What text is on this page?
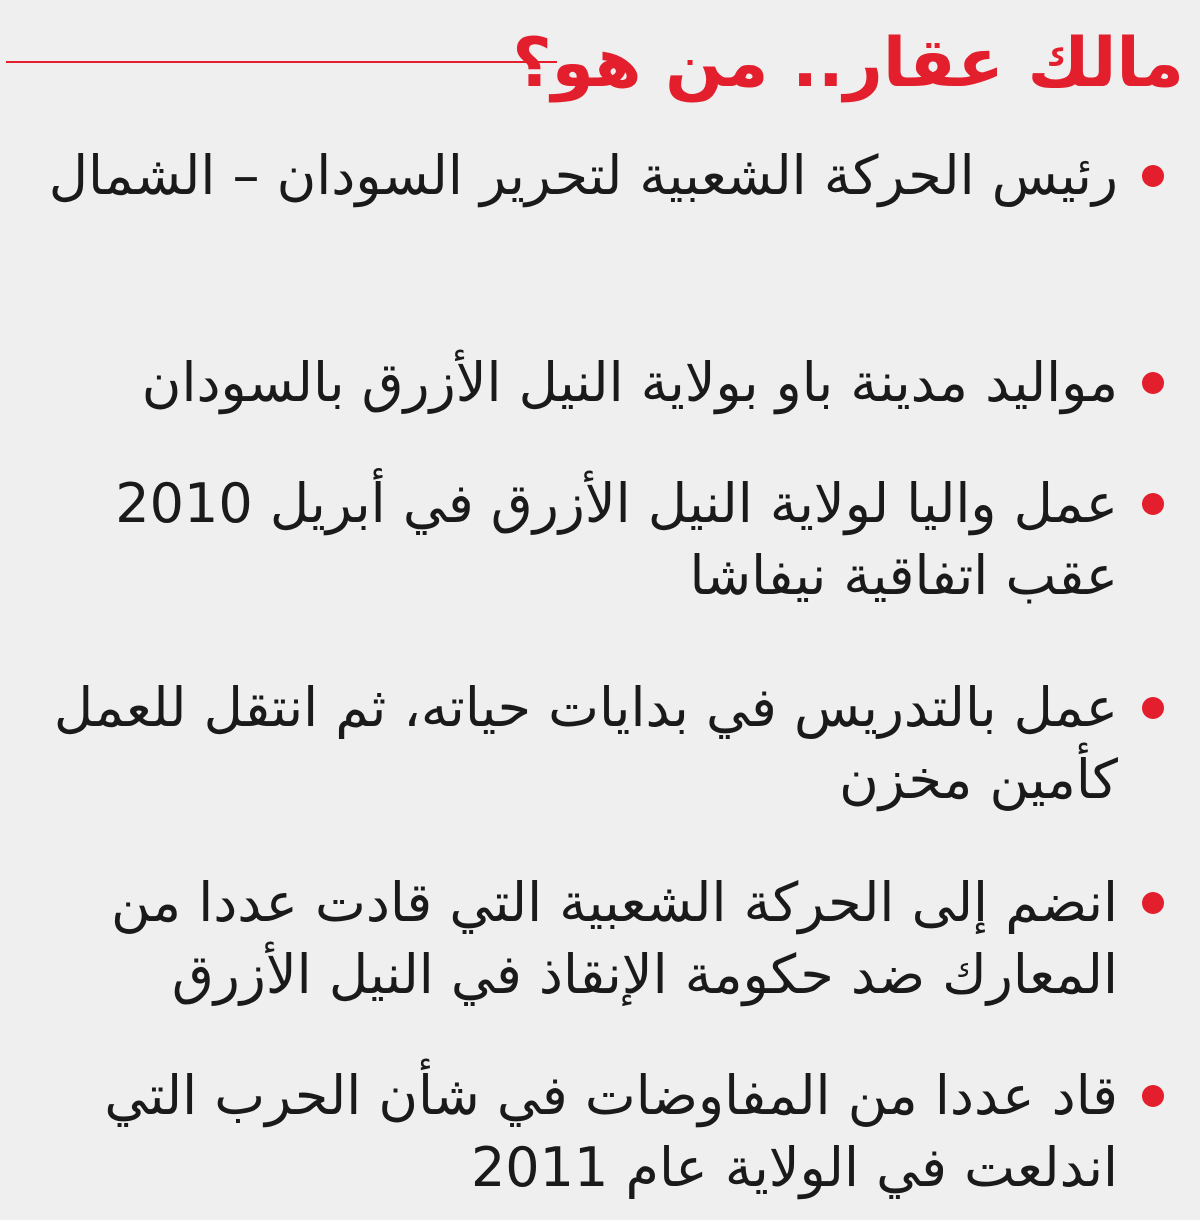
مالك عقار.. من هو؟

رئيس الحركة الشعبية لتحرير السودان – الشمال

مواليد مدينة باو بولاية النيل الأزرق بالسودان

عمل واليا لولاية النيل الأزرق في أبريل 2010 عقب اتفاقية نيفاشا

عمل بالتدريس في بدايات حياته، ثم انتقل للعمل كأمين مخزن

انضم إلى الحركة الشعبية التي قادت عددا من المعارك ضد حكومة الإنقاذ في النيل الأزرق

قاد عددا من المفاوضات في شأن الحرب التي اندلعت في الولاية عام 2011
